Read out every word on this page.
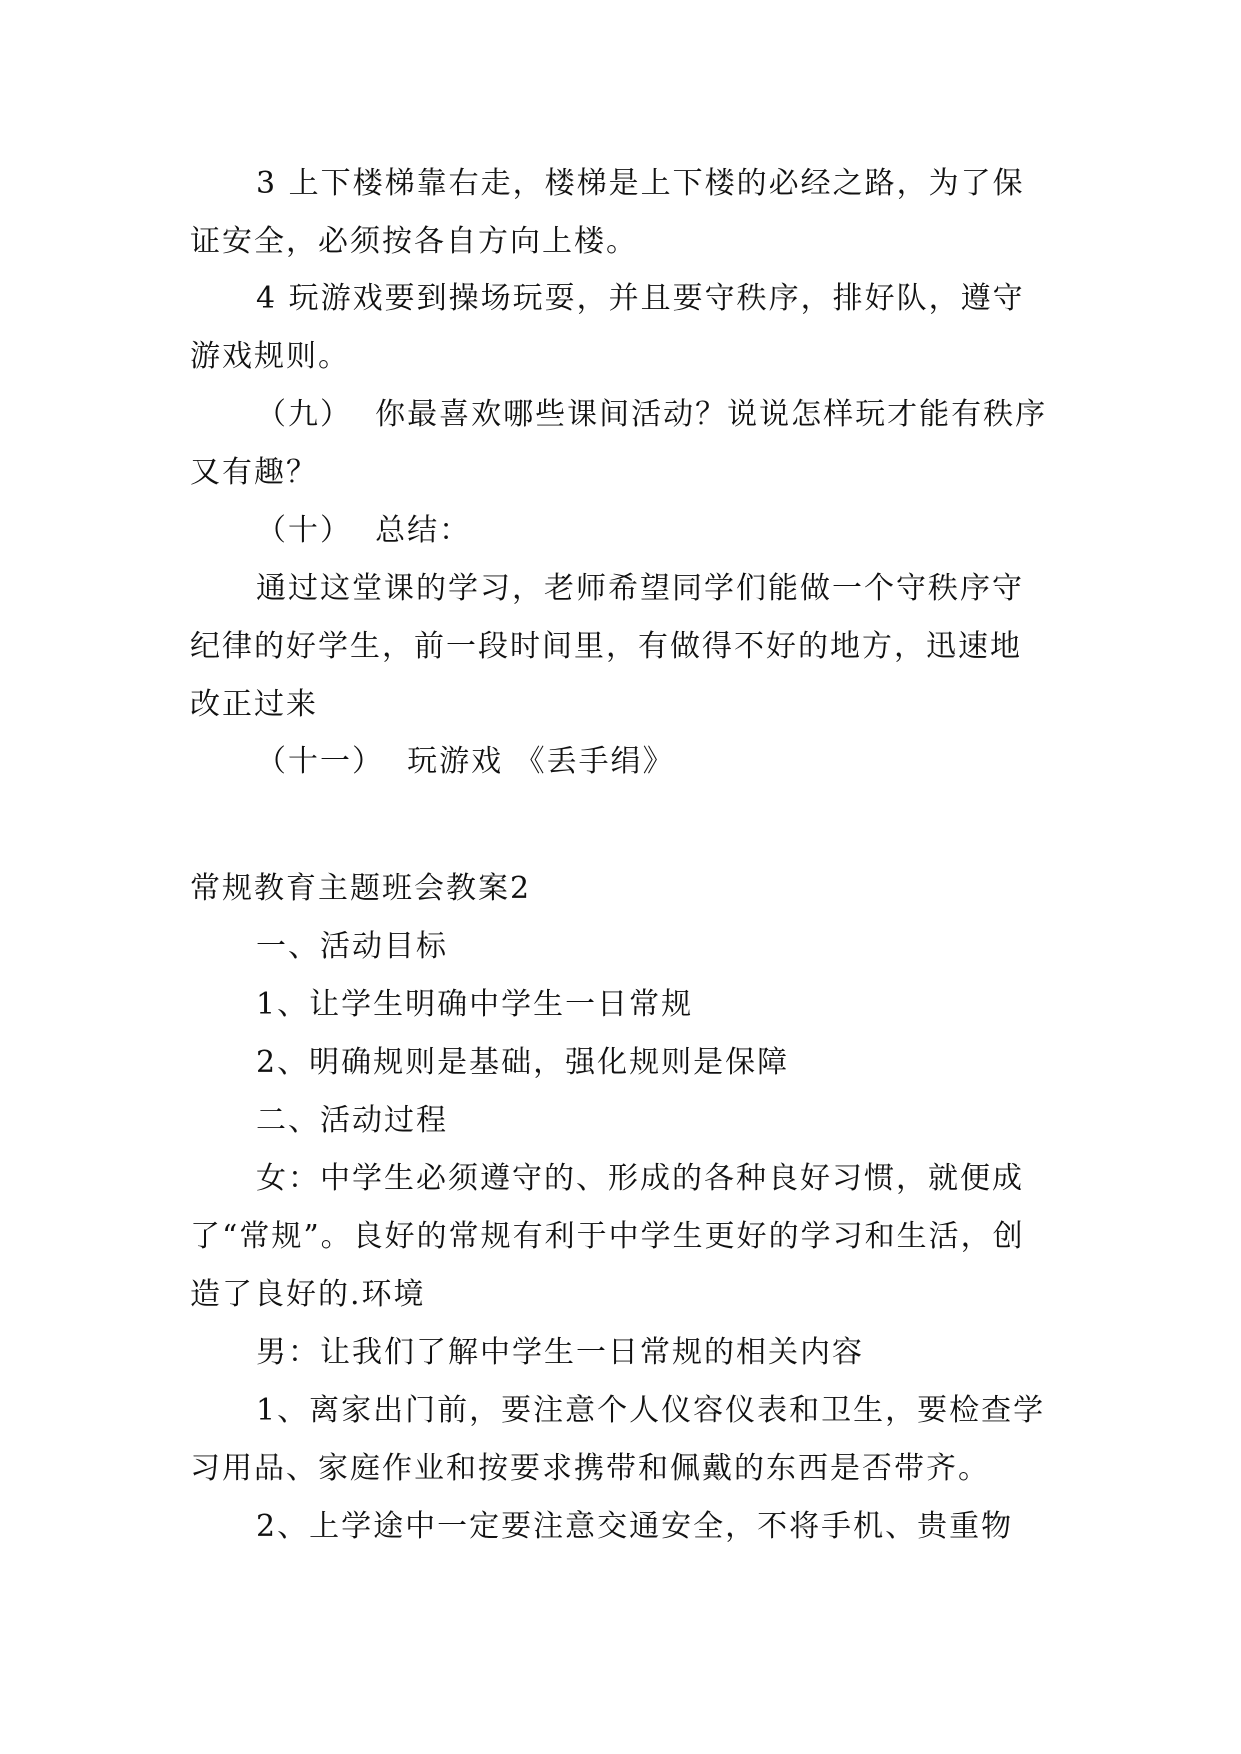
3 上下楼梯靠右走，楼梯是上下楼的必经之路，为了保证安全，必须按各自方向上楼。

4 玩游戏要到操场玩耍，并且要守秩序，排好队，遵守游戏规则。

（九）  你最喜欢哪些课间活动？说说怎样玩才能有秩序又有趣？

（十）  总结：

通过这堂课的学习，老师希望同学们能做一个守秩序守纪律的好学生，前一段时间里，有做得不好的地方，迅速地改正过来

（十一）  玩游戏 《丢手绢》

常规教育主题班会教案2

一、活动目标

1、让学生明确中学生一日常规

2、明确规则是基础，强化规则是保障

二、活动过程

女：中学生必须遵守的、形成的各种良好习惯，就便成了“常规”。良好的常规有利于中学生更好的学习和生活，创造了良好的.环境

男：让我们了解中学生一日常规的相关内容

1、离家出门前，要注意个人仪容仪表和卫生，要检查学习用品、家庭作业和按要求携带和佩戴的东西是否带齐。

2、上学途中一定要注意交通安全，不将手机、贵重物
